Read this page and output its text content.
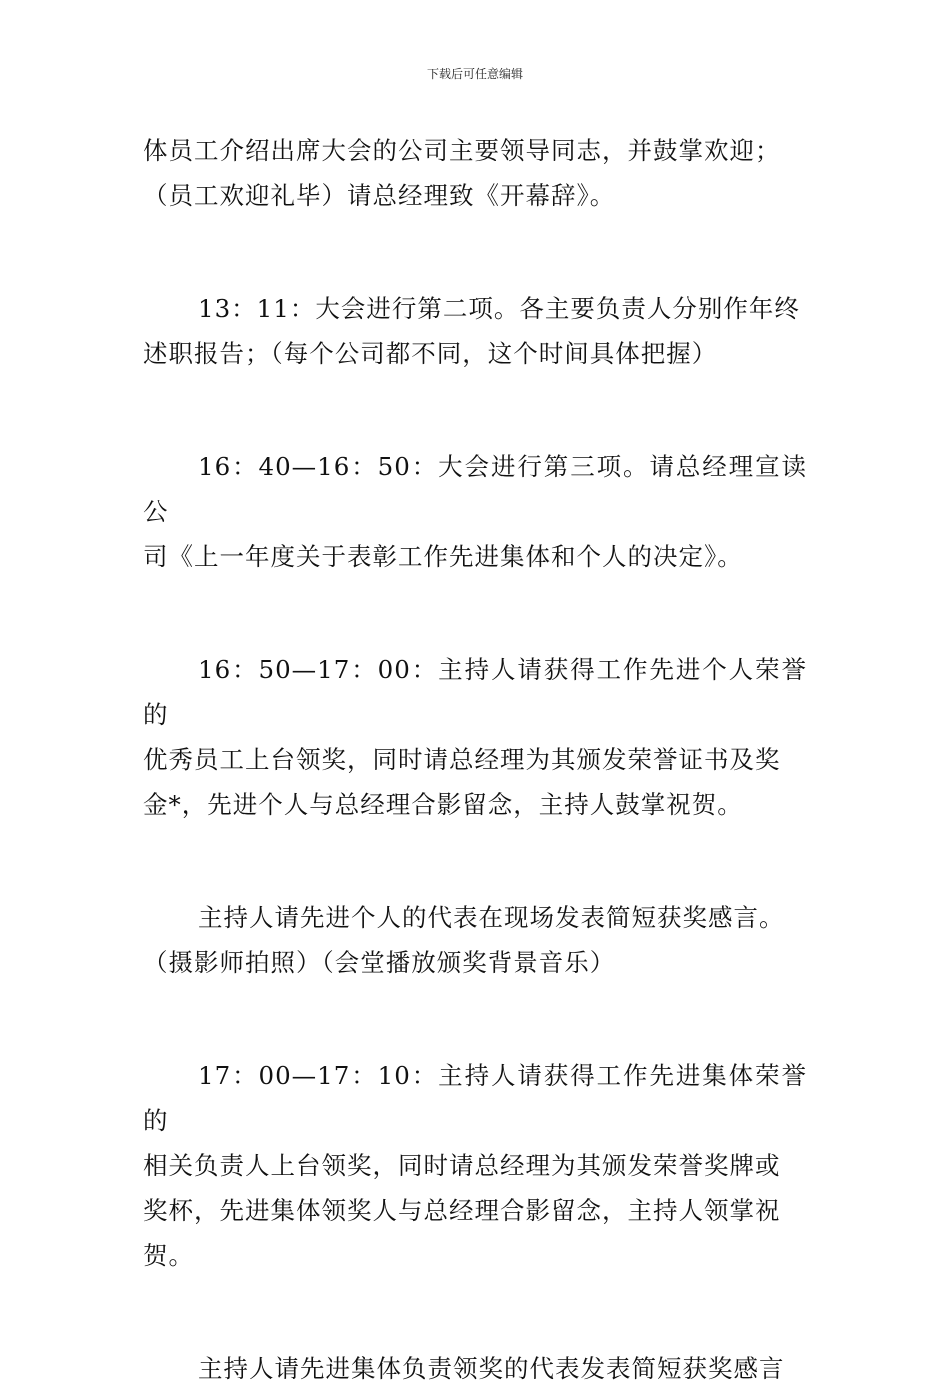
下载后可任意编辑

体员工介绍出席大会的公司主要领导同志，并鼓掌欢迎；
（员工欢迎礼毕）请总经理致《开幕辞》。

13：11：大会进行第二项。各主要负责人分别作年终
述职报告；（每个公司都不同，这个时间具体把握）

16：40—16：50：大会进行第三项。请总经理宣读公
司《上一年度关于表彰工作先进集体和个人的决定》。

16：50—17：00：主持人请获得工作先进个人荣誉的
优秀员工上台领奖，同时请总经理为其颁发荣誉证书及奖
金*，先进个人与总经理合影留念，主持人鼓掌祝贺。

主持人请先进个人的代表在现场发表简短获奖感言。
（摄影师拍照）（会堂播放颁奖背景音乐）

17：00—17：10：主持人请获得工作先进集体荣誉的
相关负责人上台领奖，同时请总经理为其颁发荣誉奖牌或
奖杯，先进集体领奖人与总经理合影留念，主持人领掌祝
贺。

主持人请先进集体负责领奖的代表发表简短获奖感言
